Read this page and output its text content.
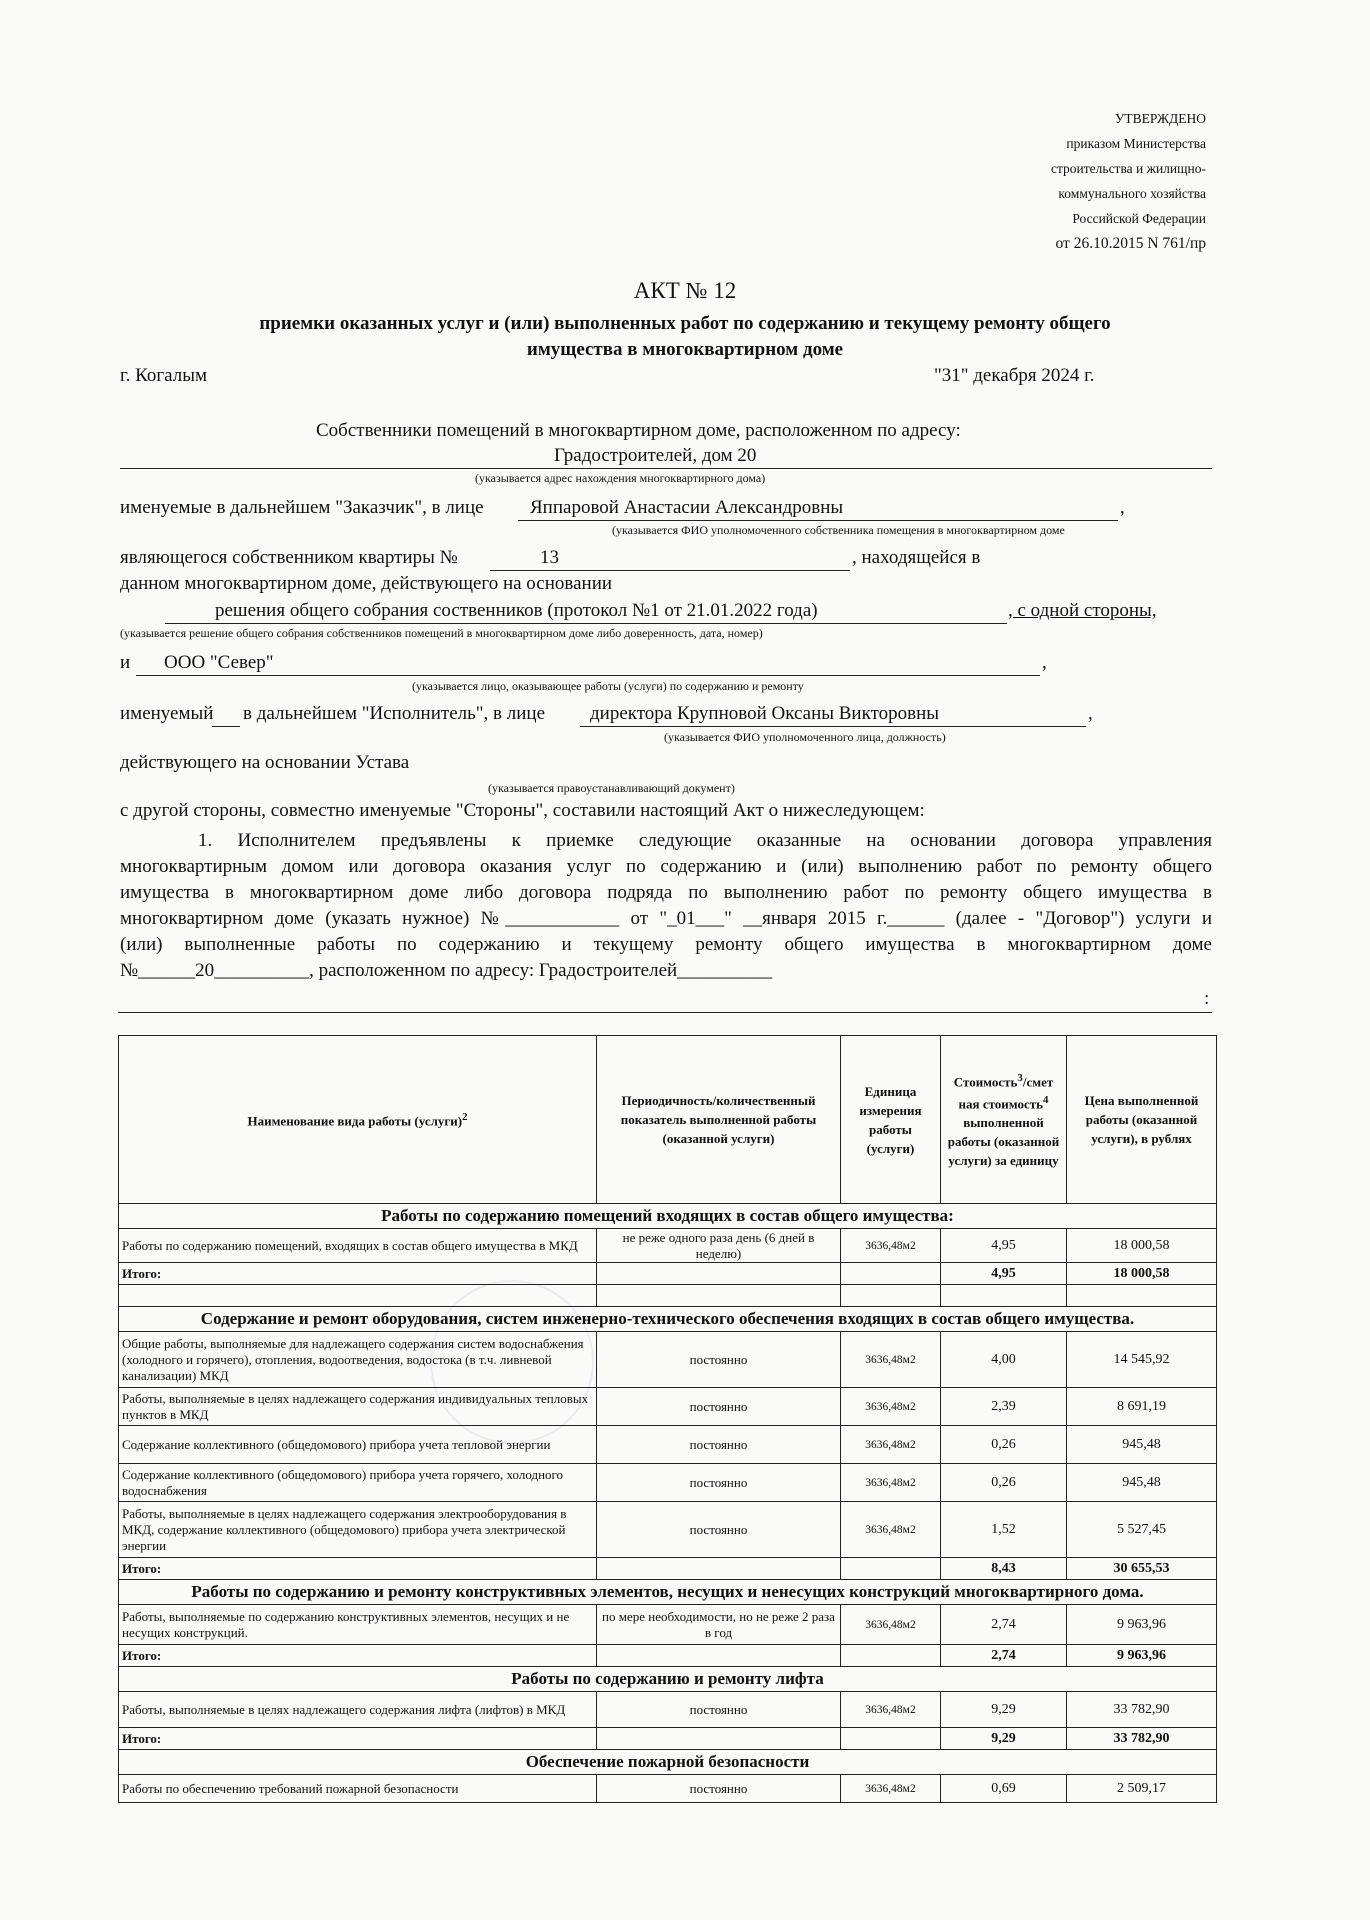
УТВЕРЖДЕНО
приказом Министерства
строительства и жилищно-
коммунального хозяйства
Российской Федерации
от 26.10.2015 N 761/пр
АКТ № 12
приемки оказанных услуг и (или) выполненных работ по содержанию и текущему ремонту общего
имущества в многоквартирном доме
г. Когалым	"31" декабря 2024 г.
Собственники помещений в многоквартирном доме, расположенном по адресу:
Градостроителей, дом 20
(указывается адрес нахождения многоквартирного дома)
именуемые в дальнейшем "Заказчик", в лице Яппаровой Анастасии Александровны	,
(указывается ФИО уполномоченного собственника помещения в многоквартирном доме
являющегося собственником квартиры №	13	, находящейся в
данном многоквартирном доме, действующего на основании
решения общего собрания соственников (протокол №1 от 21.01.2022 года)	, с одной стороны,
(указывается решение общего собрания собственников помещений в многоквартирном доме либо доверенность, дата, номер)
и ООО "Север"	,
(указывается лицо, оказывающее работы (услуги) по содержанию и ремонту
именуемый в дальнейшем "Исполнитель", в лице директора Крупновой Оксаны Викторовны	,
(указывается ФИО уполномоченного лица, должность)
действующего на основании Устава
(указывается правоустанавливающий документ)
с другой стороны, совместно именуемые "Стороны", составили настоящий Акт о нижеследующем:
1. Исполнителем предъявлены к приемке следующие оказанные на основании договора управления
многоквартирным домом или договора оказания услуг по содержанию и (или) выполнению работ по ремонту общего
имущества в многоквартирном доме либо договора подряда по выполнению работ по ремонту общего имущества в
многоквартирном доме (указать нужное) №____________ от "_01___" __января 2015 г.______ (далее - "Договор") услуги и
(или) выполненные работы по содержанию и текущему ремонту общего имущества в многоквартирном доме
№______20__________, расположенном по адресу: Градостроителей__________
:
Наименование вида работы (услуги)$^2$	Периодичность/количественный показатель выполненной работы (оказанной услуги)	Единица измерения работы (услуги)	Стоимость$^3$/смет ная стоимость$^4$ выполненной работы (оказанной услуги) за единицу	Цена выполненной работы (оказанной услуги), в рублях
Работы по содержанию помещений входящих в состав общего имущества:				
Работы по содержанию помещений, входящих в состав общего имущества в МКД	не реже одного раза день (6 дней в неделю)	3636,48м2	4,95	18 000,58
Итого:			4,95	18 000,58

Содержание и ремонт оборудования, систем инженерно-технического обеспечения входящих в состав общего имущества.				
Общие работы, выполняемые для надлежащего содержания систем водоснабжения (холодного и горячего), отопления, водоотведения, водостока (в т.ч. ливневой канализации) МКД	постоянно	3636,48м2	4,00	14 545,92
Работы, выполняемые в целях надлежащего содержания индивидуальных тепловых пунктов в МКД	постоянно	3636,48м2	2,39	8 691,19
Содержание коллективного (общедомового) прибора учета тепловой энергии	постоянно	3636,48м2	0,26	945,48
Содержание коллективного (общедомового) прибора учета горячего, холодного водоснабжения	постоянно	3636,48м2	0,26	945,48
Работы, выполняемые в целях надлежащего содержания электрооборудования в МКД, содержание коллективного (общедомового) прибора учета электрической энергии	постоянно	3636,48м2	1,52	5 527,45
Итого:			8,43	30 655,53
Работы по содержанию и ремонту конструктивных элементов, несущих и ненесущих конструкций многоквартирного дома.				
Работы, выполняемые по содержанию конструктивных элементов, несущих и не несущих конструкций.	по мере необходимости, но не реже 2 раза в год	3636,48м2	2,74	9 963,96
Итого:			2,74	9 963,96
Работы по содержанию и ремонту лифта				
Работы, выполняемые в целях надлежащего содержания лифта (лифтов) в МКД	постоянно	3636,48м2	9,29	33 782,90
Итого:			9,29	33 782,90
Обеспечение пожарной безопасности				
Работы по обеспечению требований пожарной безопасности	постоянно	3636,48м2	0,69	2 509,17
